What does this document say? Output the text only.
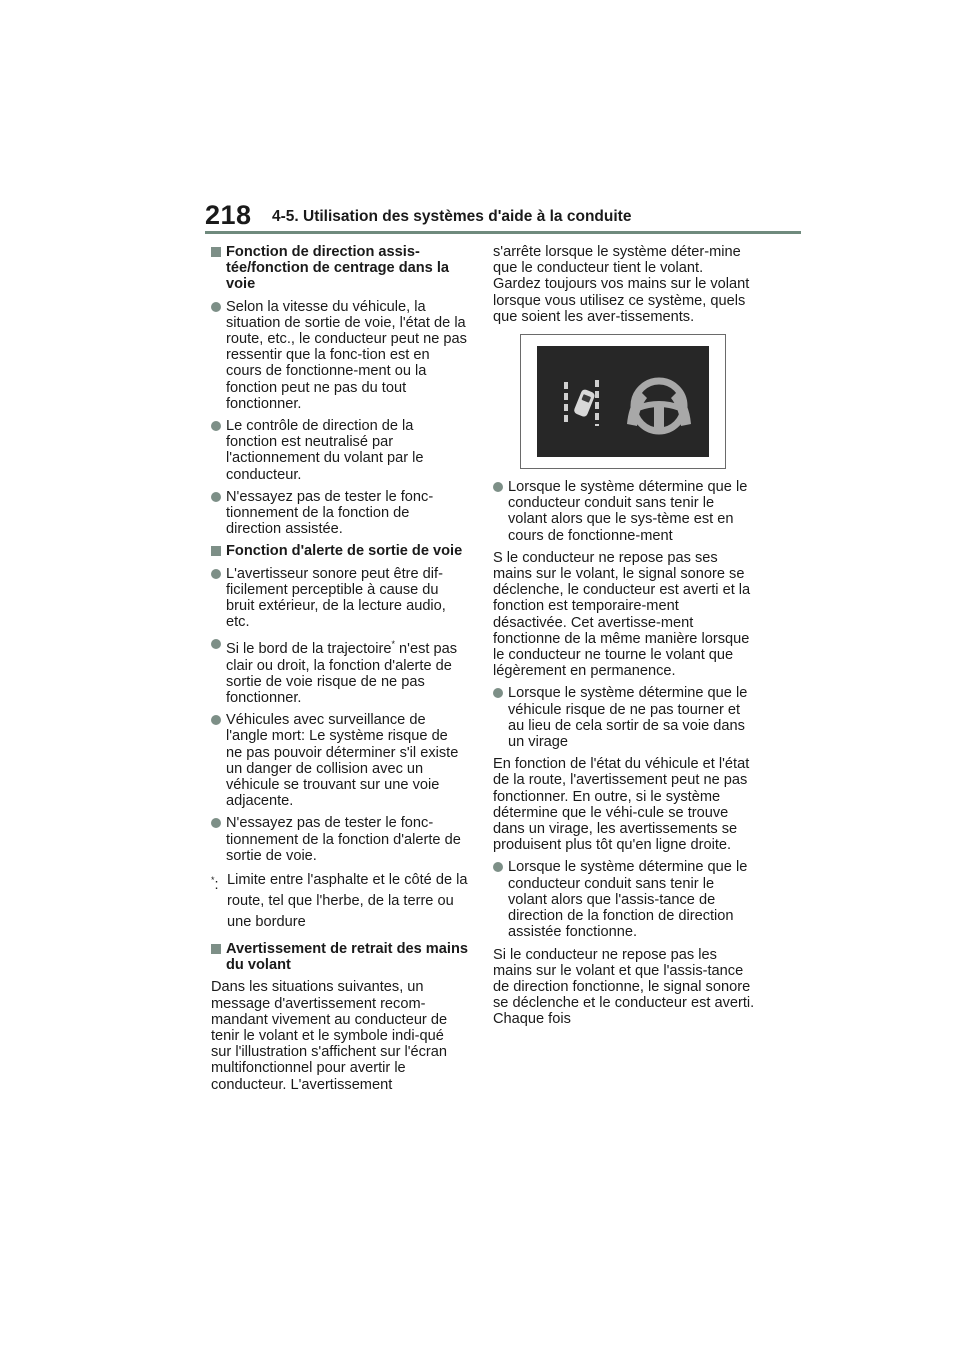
218 4-5. Utilisation des systèmes d'aide à la conduite
Fonction de direction assis-tée/fonction de centrage dans la voie
Selon la vitesse du véhicule, la situation de sortie de voie, l'état de la route, etc., le conducteur peut ne pas ressentir que la fonc-tion est en cours de fonctionne-ment ou la fonction peut ne pas du tout fonctionner.
Le contrôle de direction de la fonction est neutralisé par l'actionnement du volant par le conducteur.
N'essayez pas de tester le fonc-tionnement de la fonction de direction assistée.
Fonction d'alerte de sortie de voie
L'avertisseur sonore peut être dif-ficilement perceptible à cause du bruit extérieur, de la lecture audio, etc.
Si le bord de la trajectoire* n'est pas clair ou droit, la fonction d'alerte de sortie de voie risque de ne pas fonctionner.
Véhicules avec surveillance de l'angle mort: Le système risque de ne pas pouvoir déterminer s'il existe un danger de collision avec un véhicule se trouvant sur une voie adjacente.
N'essayez pas de tester le fonc-tionnement de la fonction d'alerte de sortie de voie.
*: Limite entre l'asphalte et le côté de la route, tel que l'herbe, de la terre ou une bordure
Avertissement de retrait des mains du volant
Dans les situations suivantes, un message d'avertissement recom-mandant vivement au conducteur de tenir le volant et le symbole indi-qué sur l'illustration s'affichent sur l'écran multifonctionnel pour avertir le conducteur. L'avertissement
s'arrête lorsque le système déter-mine que le conducteur tient le volant. Gardez toujours vos mains sur le volant lorsque vous utilisez ce système, quels que soient les aver-tissements.
Lorsque le système détermine que le conducteur conduit sans tenir le volant alors que le sys-tème est en cours de fonctionne-ment
S le conducteur ne repose pas ses mains sur le volant, le signal sonore se déclenche, le conducteur est averti et la fonction est temporaire-ment désactivée. Cet avertisse-ment fonctionne de la même manière lorsque le conducteur ne tourne le volant que légèrement en permanence.
Lorsque le système détermine que le véhicule risque de ne pas tourner et au lieu de cela sortir de sa voie dans un virage
En fonction de l'état du véhicule et l'état de la route, l'avertissement peut ne pas fonctionner. En outre, si le système détermine que le véhi-cule se trouve dans un virage, les avertissements se produisent plus tôt qu'en ligne droite.
Lorsque le système détermine que le conducteur conduit sans tenir le volant alors que l'assis-tance de direction de la fonction de direction assistée fonctionne.
Si le conducteur ne repose pas les mains sur le volant et que l'assis-tance de direction fonctionne, le signal sonore se déclenche et le conducteur est averti. Chaque fois
